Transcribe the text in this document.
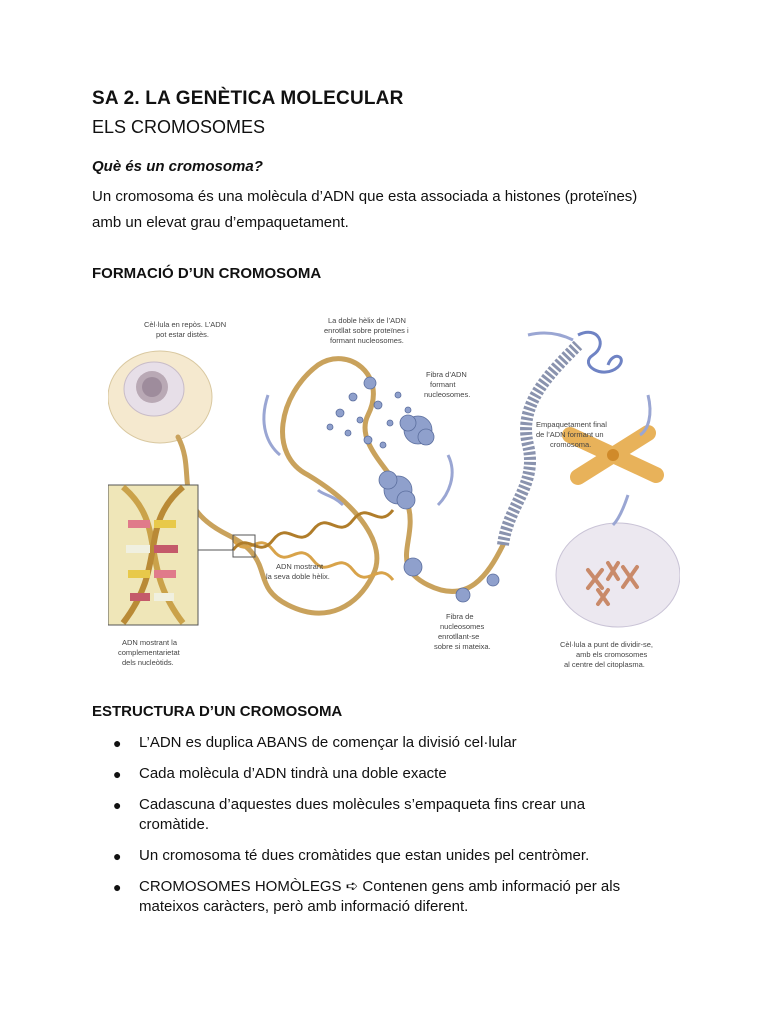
SA 2. LA GENÈTICA MOLECULAR
ELS CROMOSOMES
Què és un cromosoma?
Un cromosoma és una molècula d’ADN que esta associada a histones (proteïnes)
amb un elevat grau d’empaquetament.
FORMACIÓ D’UN CROMOSOMA
Cèl·lula en repòs. L’ADN
pot estar distès.
La doble hèlix de l’ADN
enrotllat sobre proteïnes i
formant nucleosomes.
Fibra d’ADN
formant
nucleosomes.
Empaquetament final
de l’ADN formant un
cromosoma.
ADN mostrant la
complementarietat
dels nucleòtids.
ADN mostrant
la seva doble hèlix.
Fibra de
nucleosomes
enrotllant-se
sobre si mateixa.	Cèl·lula a punt de dividir-se,
amb els cromosomes
al centre del citoplasma.
ESTRUCTURA D’UN CROMOSOMA
● L’ADN es duplica ABANS de començar la divisió cel·lular
● Cada molècula d’ADN tindrà una doble exacte
● Cadascuna d’aquestes dues molècules s’empaqueta fins crear una
cromàtide.
● Un cromosoma té dues cromàtides que estan unides pel centròmer.
● CROMOSOMES HOMÒLEGS ➪ Contenen gens amb informació per als
mateixos caràcters, però amb informació diferent.
